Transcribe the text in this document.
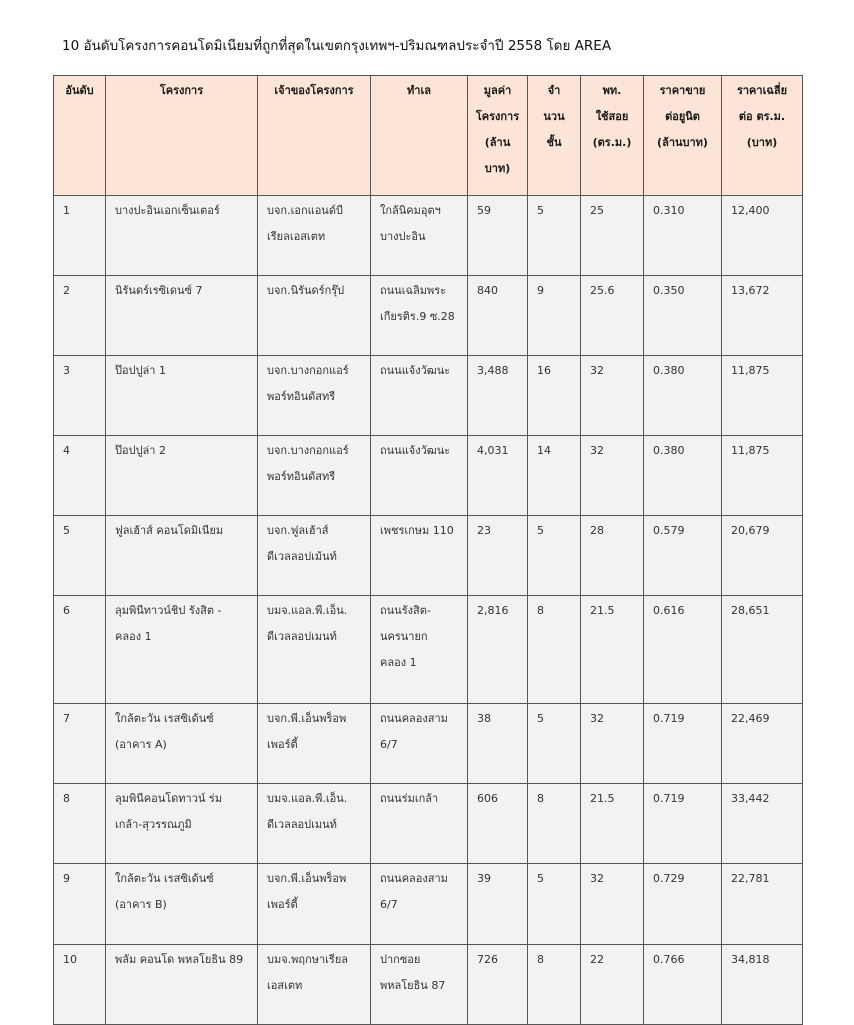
10 อันดับโครงการคอนโดมิเนียมที่ถูกที่สุดในเขตกรุงเทพฯ-ปริมณฑลประจำปี 2558 โดย AREA
อันดับ	โครงการ	เจ้าของโครงการ	ทำเล	มูลค่า
โครงการ
(ล้าน
บาท)	จำ
นวน
ชั้น	พท.
ใช้สอย
(ตร.ม.)	ราคาขาย
ต่อยูนิต
(ล้านบาท)	ราคาเฉลี่ย
ต่อ ตร.ม.
(บาท)
1	บางปะอินเอกเซ็นเตอร์	บจก.เอกแอนด์บี
เรียลเอสเตท	ใกล้นิคมอุตฯ
บางปะอิน	59	5	25	0.310	12,400
2	นิรันดร์เรซิเดนซ์ 7	บจก.นิรันดร์กรุ๊ป	ถนนเฉลิมพระ
เกียรติร.9 ซ.28	840	9	25.6	0.350	13,672
3	ป๊อปปูล่า 1	บจก.บางกอกแอร์
พอร์ทอินดัสทรี	ถนนแจ้งวัฒนะ	3,488	16	32	0.380	11,875
4	ป๊อปปูล่า 2	บจก.บางกอกแอร์
พอร์ทอินดัสทรี	ถนนแจ้งวัฒนะ	4,031	14	32	0.380	11,875
5	ฟูลเฮ้าส์ คอนโดมิเนียม	บจก.ฟูลเฮ้าส์
ดีเวลลอปเม้นท์	เพชรเกษม 110	23	5	28	0.579	20,679
6	ลุมพินีทาวน์ชิป รังสิต -
คลอง 1	บมจ.แอล.พี.เอ็น.
ดีเวลลอปเมนท์	ถนนรังสิต-
นครนายก
คลอง 1	2,816	8	21.5	0.616	28,651
7	ใกล้ตะวัน เรสซิเด้นซ์
(อาคาร A)	บจก.พี.เอ็นพร็อพ
เพอร์ตี้	ถนนคลองสาม
6/7	38	5	32	0.719	22,469
8	ลุมพินีคอนโดทาวน์ ร่ม
เกล้า-สุวรรณภูมิ	บมจ.แอล.พี.เอ็น.
ดีเวลลอปเมนท์	ถนนร่มเกล้า	606	8	21.5	0.719	33,442
9	ใกล้ตะวัน เรสซิเด้นซ์
(อาคาร B)	บจก.พี.เอ็นพร็อพ
เพอร์ตี้	ถนนคลองสาม
6/7	39	5	32	0.729	22,781
10	พลัม คอนโด พหลโยธิน 89	บมจ.พฤกษาเรียล
เอสเตท	ปากซอย
พหลโยธิน 87	726	8	22	0.766	34,818
